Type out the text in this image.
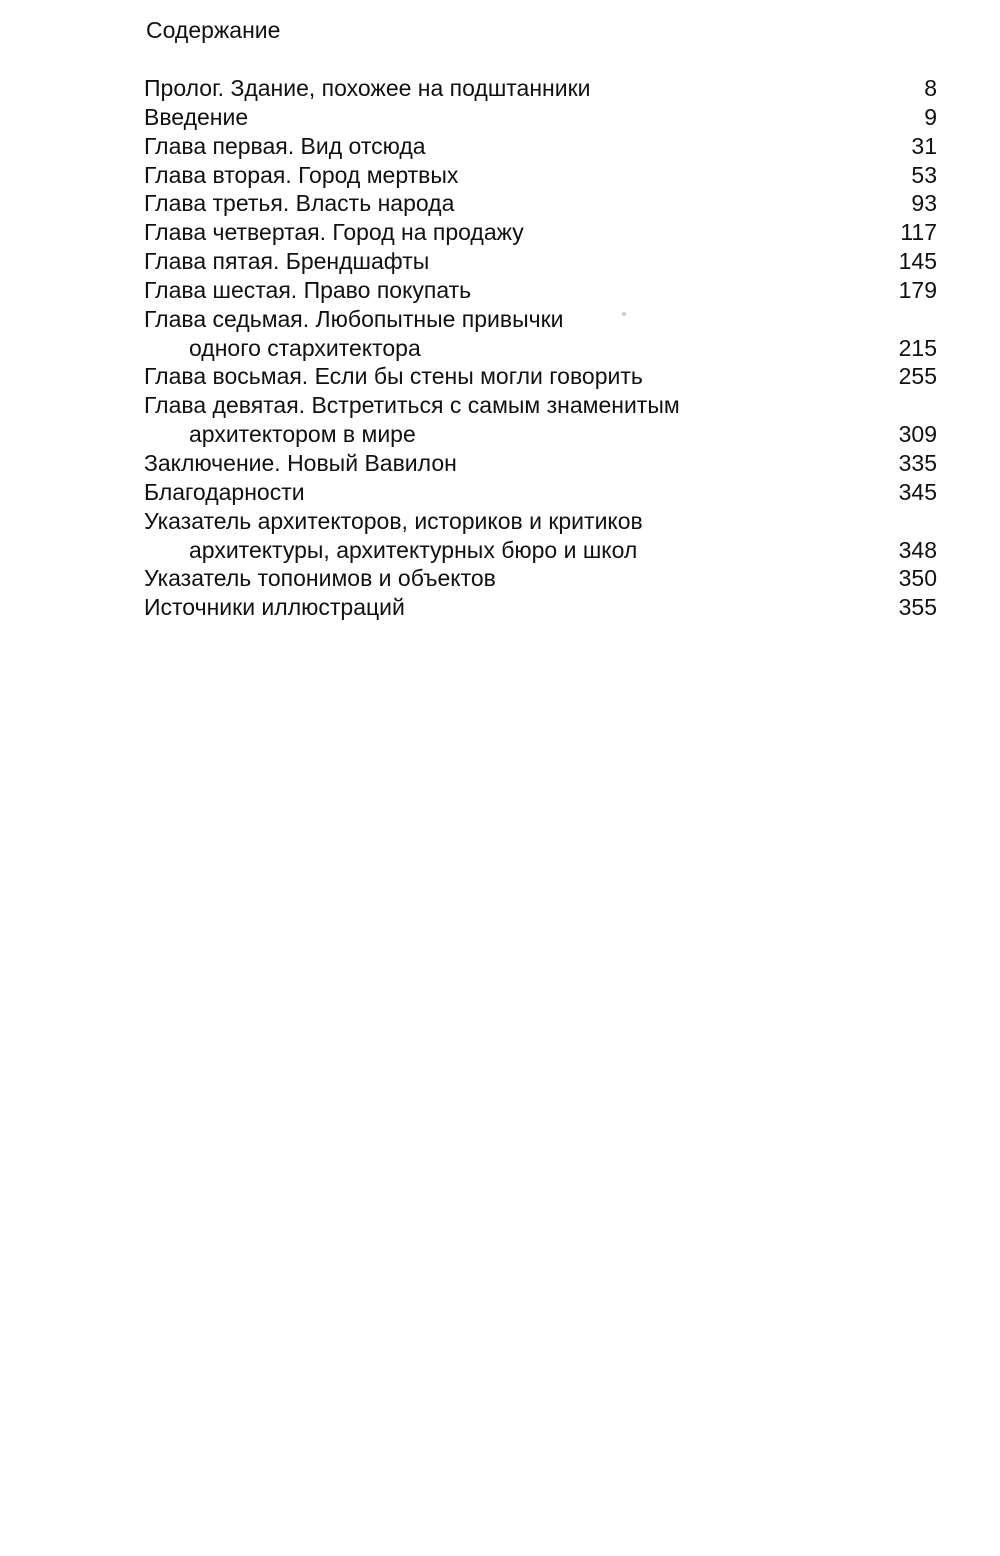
Содержание
Пролог. Здание, похожее на подштанники	8
Введение	9
Глава первая. Вид отсюда	31
Глава вторая. Город мертвых	53
Глава третья. Власть народа	93
Глава четвертая. Город на продажу	117
Глава пятая. Брендшафты	145
Глава шестая. Право покупать	179
Глава седьмая. Любопытные привычки
одного стархитектора	215
Глава восьмая. Если бы стены могли говорить	255
Глава девятая. Встретиться с самым знаменитым
архитектором в мире	309
Заключение. Новый Вавилон	335
Благодарности	345
Указатель архитекторов, историков и критиков
архитектуры, архитектурных бюро и школ	348
Указатель топонимов и объектов	350
Источники иллюстраций	355
